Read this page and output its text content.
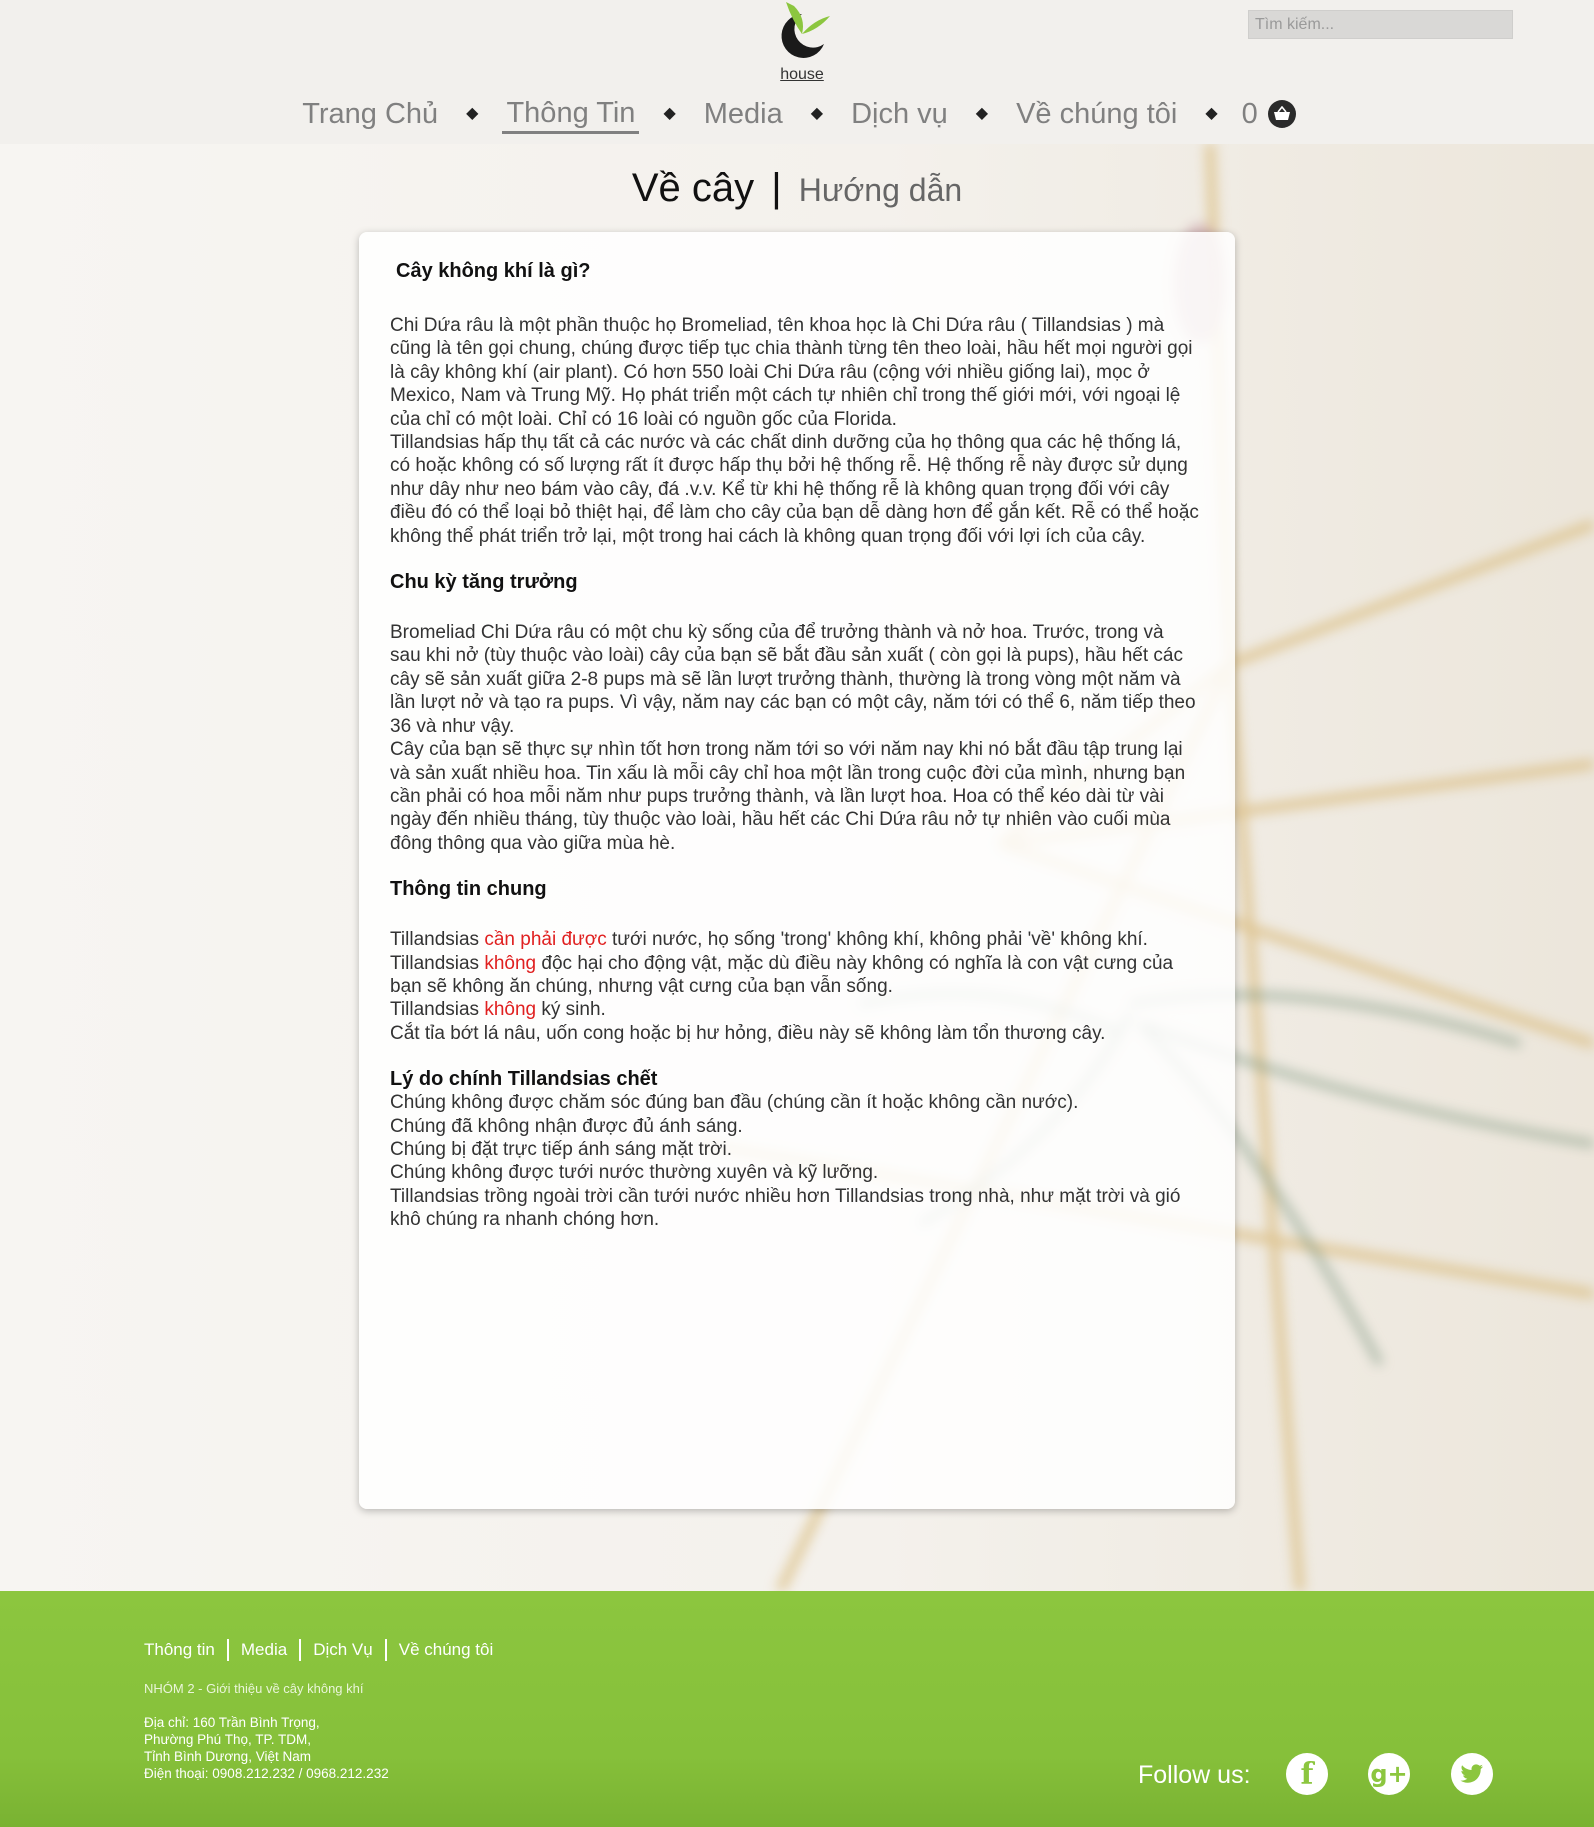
house
Tìm kiếm...
Trang Chủ ◆ Thông Tin ◆ Media ◆ Dịch vụ ◆ Về chúng tôi ◆ 0
Về cây | Hướng dẫn
Cây không khí là gì?

Chi Dứa râu là một phần thuộc họ Bromeliad, tên khoa học là Chi Dứa râu ( Tillandsias ) mà cũng là tên gọi chung, chúng được tiếp tục chia thành từng tên theo loài, hầu hết mọi người gọi là cây không khí (air plant). Có hơn 550 loài Chi Dứa râu (cộng với nhiều giống lai), mọc ở Mexico, Nam và Trung Mỹ. Họ phát triển một cách tự nhiên chỉ trong thế giới mới, với ngoại lệ của chỉ có một loài. Chỉ có 16 loài có nguồn gốc của Florida.

Tillandsias hấp thụ tất cả các nước và các chất dinh dưỡng của họ thông qua các hệ thống lá, có hoặc không có số lượng rất ít được hấp thụ bởi hệ thống rễ. Hệ thống rễ này được sử dụng như dây như neo bám vào cây, đá .v.v. Kể từ khi hệ thống rễ là không quan trọng đối với cây điều đó có thể loại bỏ thiệt hại, để làm cho cây của bạn dễ dàng hơn để gắn kết. Rễ có thể hoặc không thể phát triển trở lại, một trong hai cách là không quan trọng đối với lợi ích của cây.

Chu kỳ tăng trưởng

Bromeliad Chi Dứa râu có một chu kỳ sống của để trưởng thành và nở hoa. Trước, trong và sau khi nở (tùy thuộc vào loài) cây của bạn sẽ bắt đầu sản xuất ( còn gọi là pups), hầu hết các cây sẽ sản xuất giữa 2-8 pups mà sẽ lần lượt trưởng thành, thường là trong vòng một năm và lần lượt nở và tạo ra pups. Vì vậy, năm nay các bạn có một cây, năm tới có thể 6, năm tiếp theo 36 và như vậy.

Cây của bạn sẽ thực sự nhìn tốt hơn trong năm tới so với năm nay khi nó bắt đầu tập trung lại và sản xuất nhiều hoa. Tin xấu là mỗi cây chỉ hoa một lần trong cuộc đời của mình, nhưng bạn cần phải có hoa mỗi năm như pups trưởng thành, và lần lượt hoa. Hoa có thể kéo dài từ vài ngày đến nhiều tháng, tùy thuộc vào loài, hầu hết các Chi Dứa râu nở tự nhiên vào cuối mùa đông thông qua vào giữa mùa hè.

Thông tin chung

Tillandsias cần phải được tưới nước, họ sống 'trong' không khí, không phải 'về' không khí.

Tillandsias không độc hại cho động vật, mặc dù điều này không có nghĩa là con vật cưng của bạn sẽ không ăn chúng, nhưng vật cưng của bạn vẫn sống.

Tillandsias không ký sinh.

Cắt tỉa bớt lá nâu, uốn cong hoặc bị hư hỏng, điều này sẽ không làm tổn thương cây.

Lý do chính Tillandsias chết

Chúng không được chăm sóc đúng ban đầu (chúng cần ít hoặc không cần nước).

Chúng đã không nhận được đủ ánh sáng.

Chúng bị đặt trực tiếp ánh sáng mặt trời.

Chúng không được tưới nước thường xuyên và kỹ lưỡng.

Tillandsias trồng ngoài trời cần tưới nước nhiều hơn Tillandsias trong nhà, như mặt trời và gió khô chúng ra nhanh chóng hơn.

Thông tin	Media	Dịch Vụ	Về chúng tôi
NHÓM 2 - Giới thiệu về cây không khí
Địa chỉ: 160 Trần Bình Trọng,
Phường Phú Thọ, TP. TDM,
Tỉnh Bình Dương, Việt Nam
Điện thoại: 0908.212.232 / 0968.212.232	Follow us:	f	g+
